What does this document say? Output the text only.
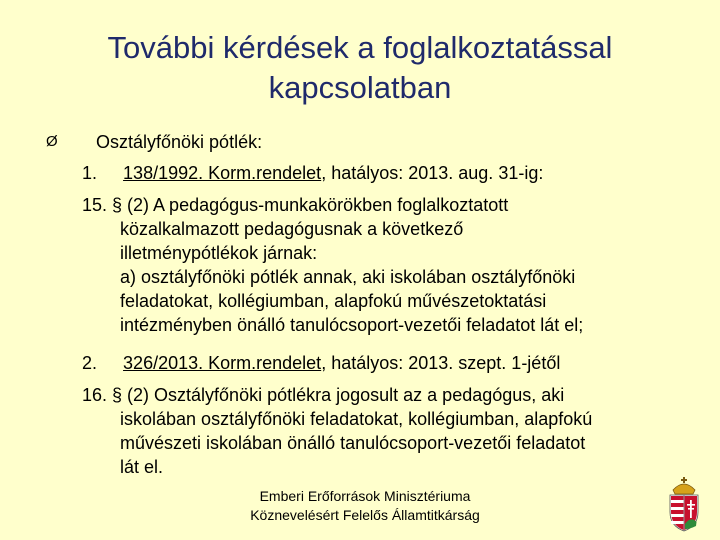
További kérdések a foglalkoztatással
kapcsolatban
Ø Osztályfőnöki pótlék:
1. 138/1992. Korm.rendelet, hatályos: 2013. aug. 31-ig:
15. § (2) A pedagógus-munkakörökben foglalkoztatott
közalkalmazott pedagógusnak a következő
illetménypótlékok járnak:
a) osztályfőnöki pótlék annak, aki iskolában osztályfőnöki
feladatokat, kollégiumban, alapfokú művészetoktatási
intézményben önálló tanulócsoport-vezetői feladatot lát el;
2. 326/2013. Korm.rendelet, hatályos: 2013. szept. 1-jétől
16. § (2) Osztályfőnöki pótlékra jogosult az a pedagógus, aki
iskolában osztályfőnöki feladatokat, kollégiumban, alapfokú
művészeti iskolában önálló tanulócsoport-vezetői feladatot
lát el.
Emberi Erőforrások Minisztériuma
Köznevelésért Felelős Államtitkárság
